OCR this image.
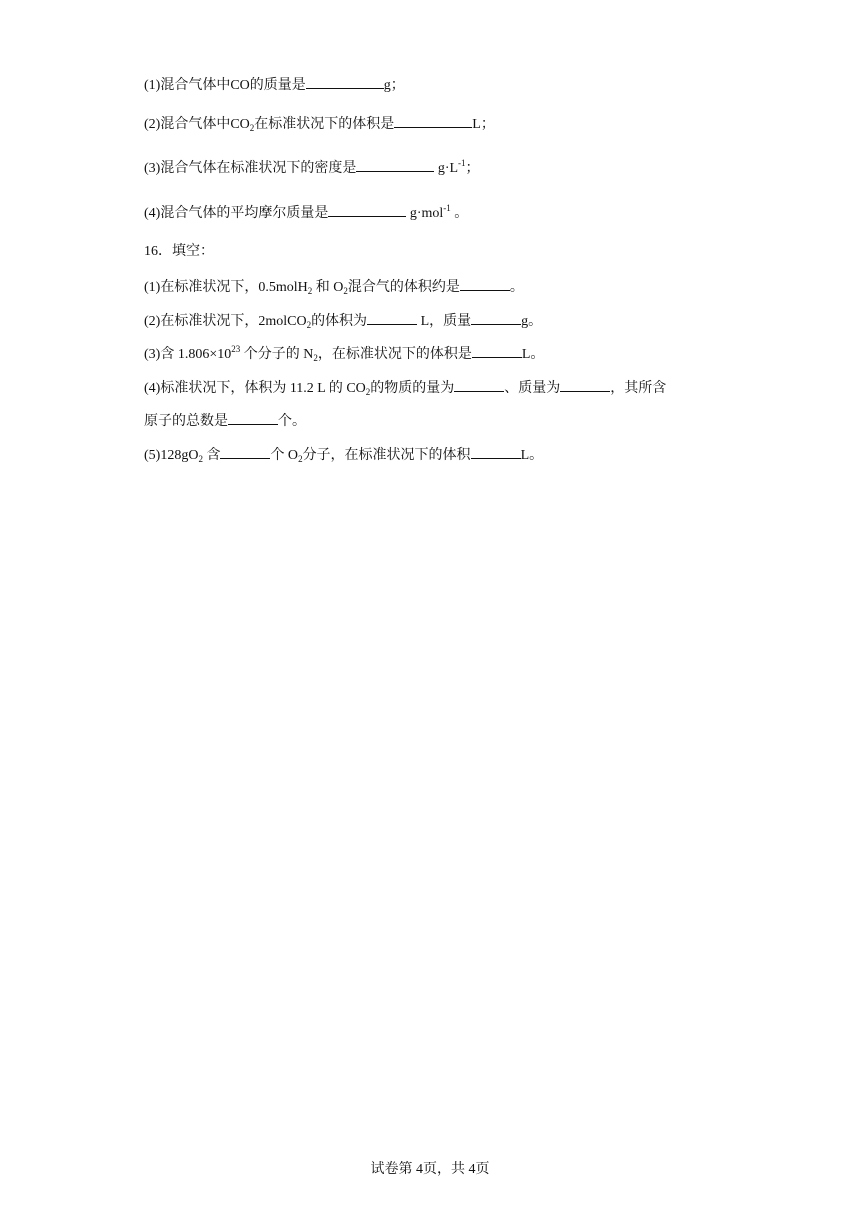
(1)混合气体中CO的质量是	g；
(2)混合气体中$CO_2$在标准状况下的体积是	L；
(3)混合气体在标准状况下的密度是	$g\cdot L^{-1}$；
(4)混合气体的平均摩尔质量是	g·mol$^{-1}$ 。
16．填空：
(1)在标准状况下，0.5molH$_2$ 和 $O_2$混合气的体积约是	。
(2)在标准状况下，2molCO$_2$的体积为	L，质量	g。
(3)含 $1.806\times 10^{23}$ 个分子的 $N_2$，在标准状况下的体积是	L。
(4)标准状况下，体积为 11.2 L 的 $CO_2$的物质的量为	、质量为	，其所含
原子的总数是	个。
$(5)128gO_2$ 含	个 $O_2$分子，在标准状况下的体积	L。
试卷第 4页，共 4页
